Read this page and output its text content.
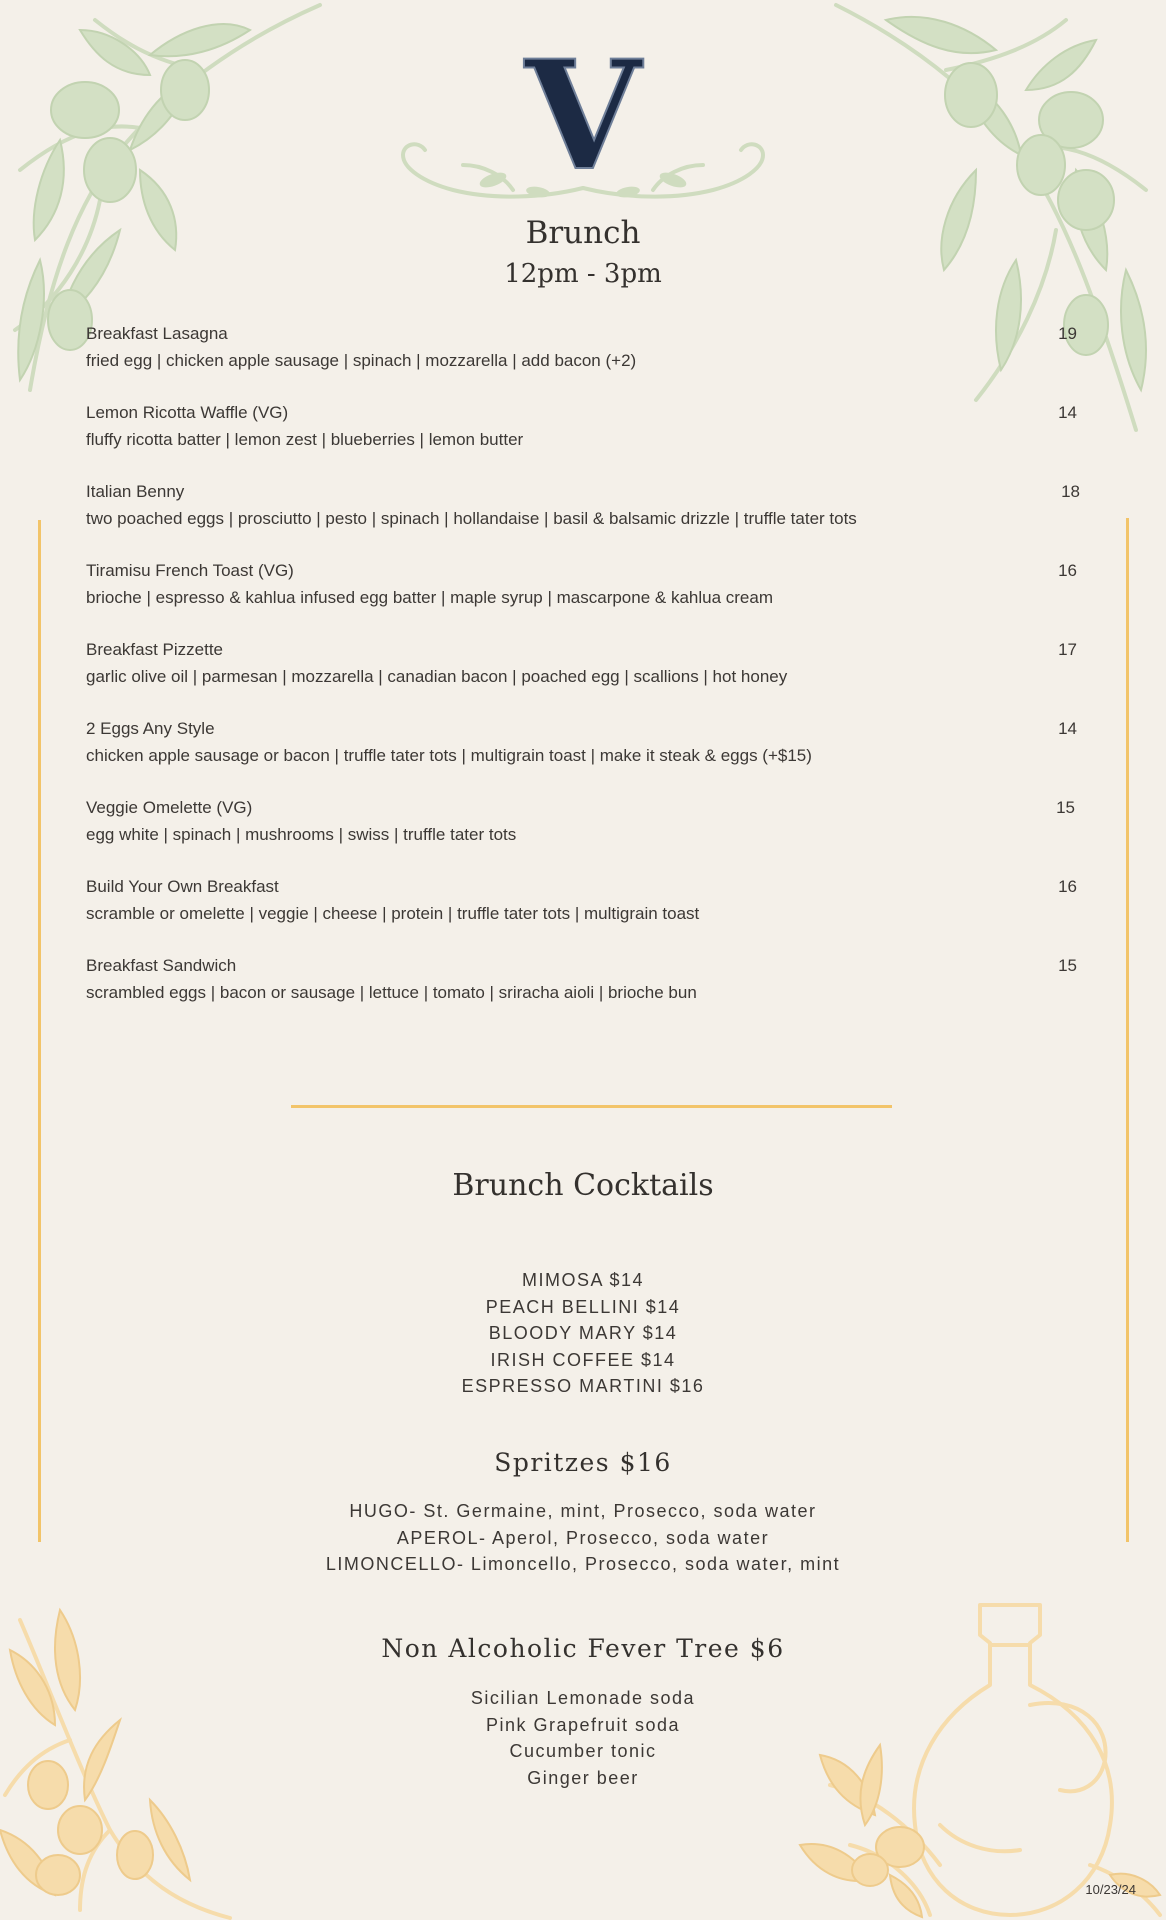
V
Brunch
12pm - 3pm
Breakfast Lasagna	19
fried egg | chicken apple sausage | spinach | mozzarella | add bacon (+2)
Lemon Ricotta Waffle (VG)	14
fluffy ricotta batter | lemon zest | blueberries | lemon butter
Italian Benny	18
two poached eggs | prosciutto | pesto | spinach | hollandaise | basil & balsamic drizzle | truffle tater tots
Tiramisu French Toast (VG)	16
brioche | espresso & kahlua infused egg batter | maple syrup | mascarpone & kahlua cream
Breakfast Pizzette	17
garlic olive oil | parmesan | mozzarella | canadian bacon | poached egg | scallions | hot honey
2 Eggs Any Style	14
chicken apple sausage or bacon | truffle tater tots | multigrain toast | make it steak & eggs (+$15)
Veggie Omelette (VG)	15
egg white | spinach | mushrooms | swiss | truffle tater tots
Build Your Own Breakfast	16
scramble or omelette | veggie | cheese | protein | truffle tater tots | multigrain toast
Breakfast Sandwich	15
scrambled eggs | bacon or sausage | lettuce | tomato | sriracha aioli | brioche bun
Brunch Cocktails
MIMOSA $14
PEACH BELLINI $14
BLOODY MARY $14
IRISH COFFEE $14
ESPRESSO MARTINI $16
Spritzes $16
HUGO- St. Germaine, mint, Prosecco, soda water
APEROL- Aperol, Prosecco, soda water
LIMONCELLO- Limoncello, Prosecco, soda water, mint
Non Alcoholic Fever Tree $6
Sicilian Lemonade soda
Pink Grapefruit soda
Cucumber tonic
Ginger beer
10/23/24
